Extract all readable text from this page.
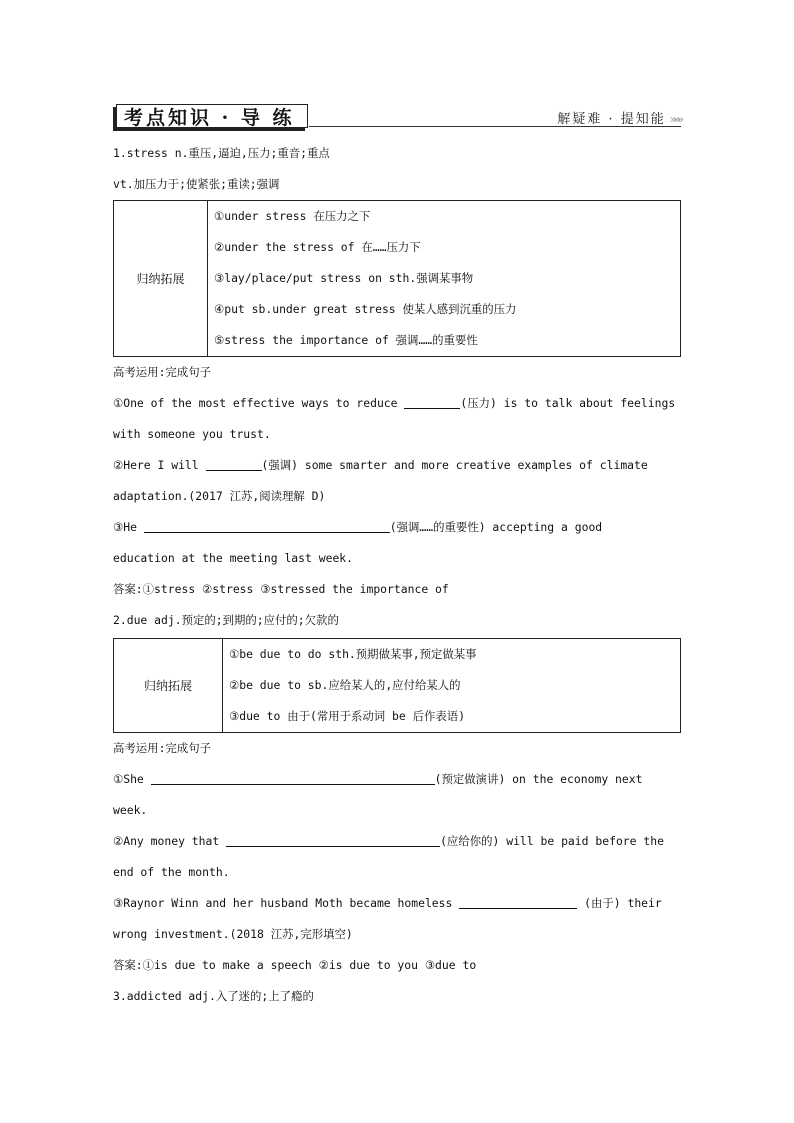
考点知识 · 导 练	解疑难 · 提知能 »»»
1.stress n.重压,逼迫,压力;重音;重点
vt.加压力于;使紧张;重读;强调
归纳拓展	
①under stress 在压力之下
②under the stress of 在……压力下
③lay/place/put stress on sth.强调某事物
④put sb.under great stress 使某人感到沉重的压力
⑤stress the importance of 强调……的重要性
高考运用:完成句子
①One of the most effective ways to reduce	(压力) is to talk about feelings
with someone you trust.
②Here I will	(强调) some smarter and more creative examples of climate
adaptation.(2017 江苏,阅读理解 D)
③He	(强调……的重要性) accepting a good
education at the meeting last week.
答案:①stress ②stress ③stressed the importance of
2.due adj.预定的;到期的;应付的;欠款的
归纳拓展	
①be due to do sth.预期做某事,预定做某事
②be due to sb.应给某人的,应付给某人的
③due to 由于(常用于系动词 be 后作表语)
高考运用:完成句子
①She	(预定做演讲) on the economy next
week.
②Any money that	(应给你的) will be paid before the
end of the month.
③Raynor Winn and her husband Moth became homeless	(由于) their
wrong investment.(2018 江苏,完形填空)
答案:①is due to make a speech ②is due to you ③due to
3.addicted adj.入了迷的;上了瘾的
